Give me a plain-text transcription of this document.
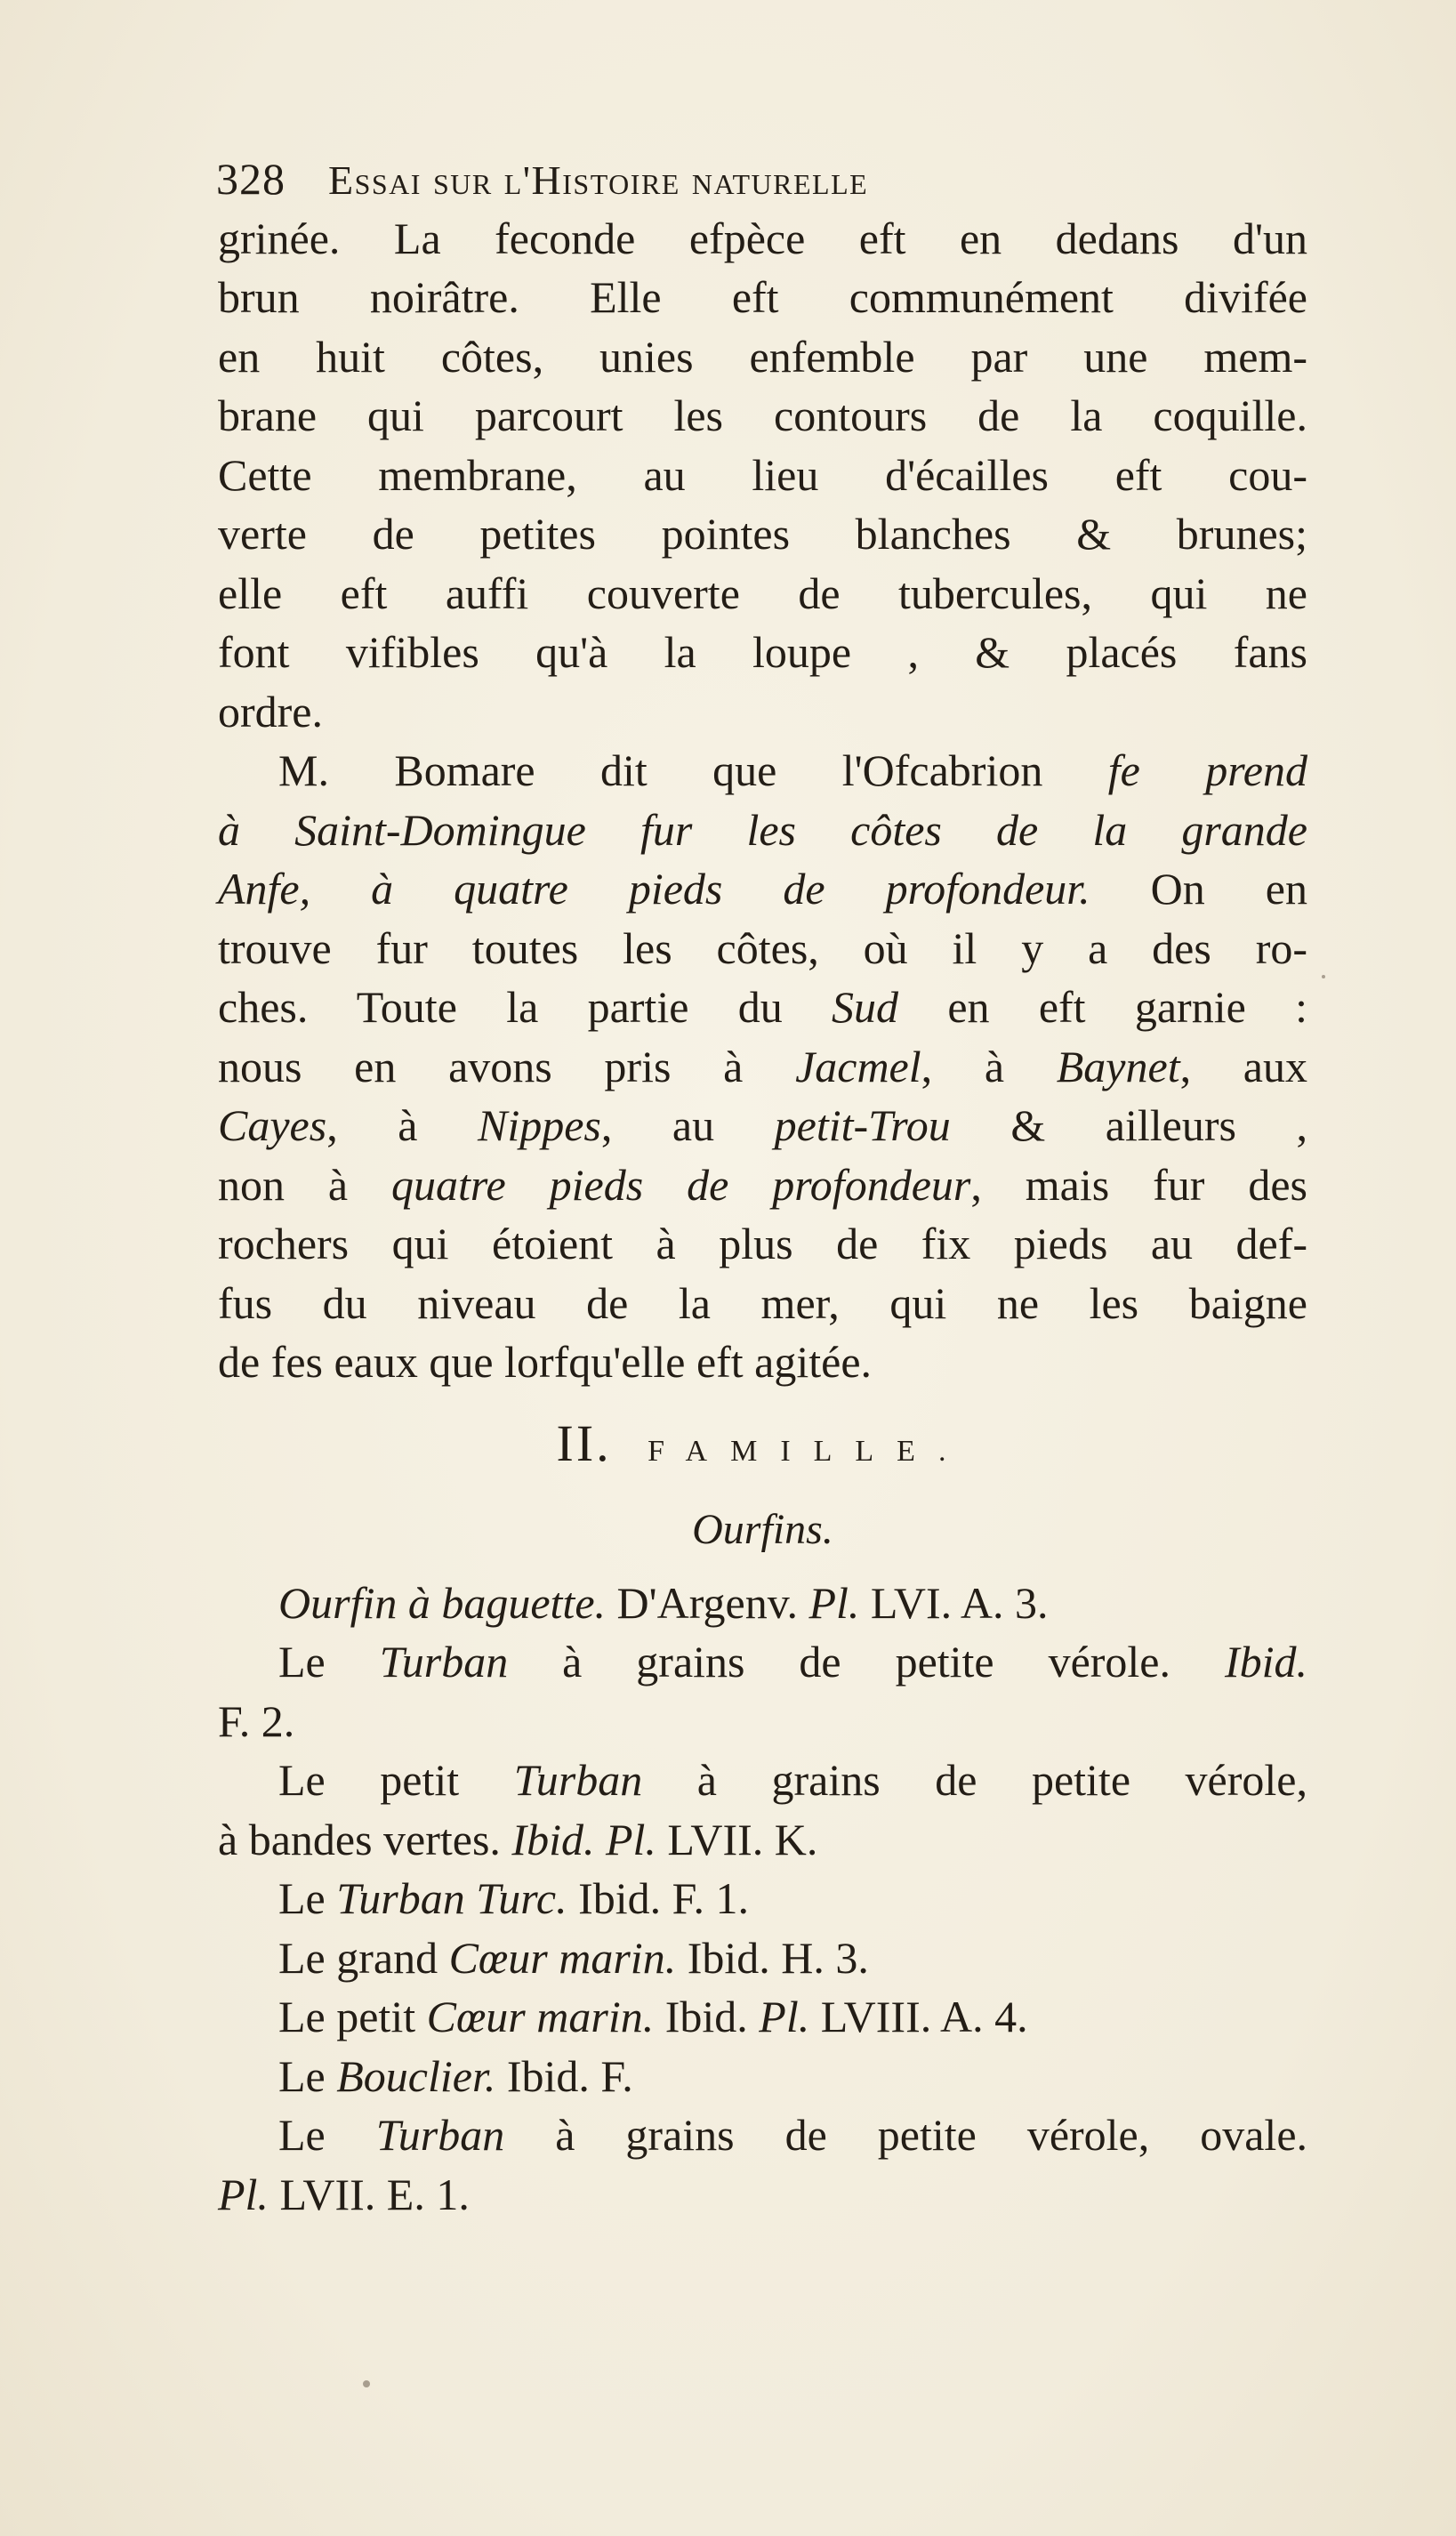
328 Essai sur l'Histoire naturelle
grinée. La feconde efpèce eft en dedans d'un
brun noirâtre. Elle eft communément divifée
en huit côtes, unies enfemble par une mem-
brane qui parcourt les contours de la coquille.
Cette membrane, au lieu d'écailles eft cou-
verte de petites pointes blanches & brunes;
elle eft auffi couverte de tubercules, qui ne
font vifibles qu'à la loupe , & placés fans
ordre.
M. Bomare dit que l'Ofcabrion fe prend
à Saint-Domingue fur les côtes de la grande
Anfe, à quatre pieds de profondeur. On en
trouve fur toutes les côtes, où il y a des ro-
ches. Toute la partie du Sud en eft garnie :
nous en avons pris à Jacmel, à Baynet, aux
Cayes, à Nippes, au petit-Trou & ailleurs ,
non à quatre pieds de profondeur, mais fur des
rochers qui étoient à plus de fix pieds au def-
fus du niveau de la mer, qui ne les baigne
de fes eaux que lorfqu'elle eft agitée.
II. FAMILLE.
Ourfins.
Ourfin à baguette. D'Argenv. Pl. LVI. A. 3.
Le Turban à grains de petite vérole. Ibid.
F. 2.
Le petit Turban à grains de petite vérole,
à bandes vertes. Ibid. Pl. LVII. K.
Le Turban Turc. Ibid. F. 1.
Le grand Cœur marin. Ibid. H. 3.
Le petit Cœur marin. Ibid. Pl. LVIII. A. 4.
Le Bouclier. Ibid. F.
Le Turban à grains de petite vérole, ovale.
Pl. LVII. E. 1.
